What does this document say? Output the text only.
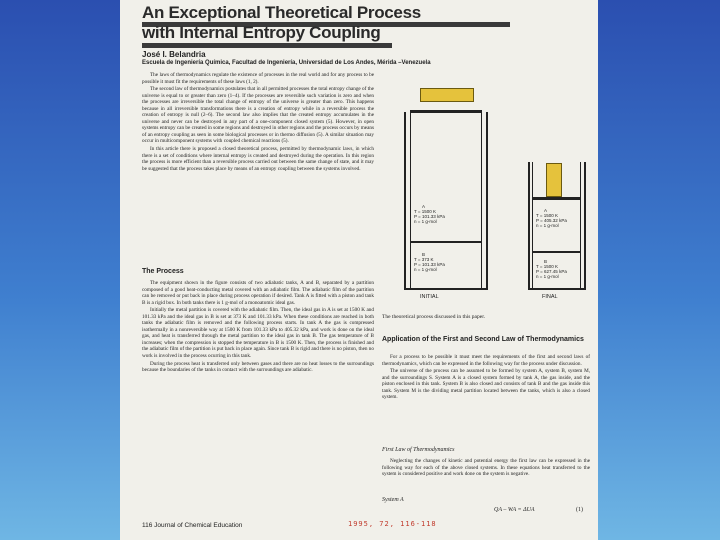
An Exceptional Theoretical Process
with Internal Entropy Coupling
José I. Belandria
Escuela de Ingeniería Química, Facultad de Ingeniería, Universidad de Los Andes, Mérida –Venezuela

The laws of thermodynamics regulate the existence of processes in the real world and for any process to be possible it must fit the requirements of these laws (1, 2).

The second law of thermodynamics postulates that in all permitted processes the total entropy change of the universe is equal to or greater than zero (1–4). If the processes are reversible such variation is zero and when the processes are irreversible the total change of entropy of the universe is greater than zero. This happens because in all irreversible transformations there is a creation of entropy while in a reversible process the creation of entropy is null (2–6). The second law also implies that the created entropy accumulates in the universe and never can be destroyed in any part of a one-component closed system (5). However, in open systems entropy can be created in some regions and destroyed in other regions and the process occurs by means of an entropy coupling as seen in some biological processes or in thermo diffusion (5). A similar situation may occur in multicomponent systems with coupled chemical reactions (5).

In this article there is proposed a closed theoretical process, permitted by thermodynamic laws, in which there is a set of conditions where internal entropy is created and destroyed during the operation. In this region the process is more efficient than a reversible process carried out between the same change of state, and it may be suggested that the process takes place by means of an entropy coupling between the systems involved.

The Process

The equipment shown in the figure consists of two adiabatic tanks, A and B, separated by a partition composed of a good heat-conducting metal covered with an adiabatic film. The adiabatic film of the partition can be removed or put back in place during process operation if desired. Tank A is fitted with a piston and tank B is a rigid box. In both tanks there is 1 g-mol of a monoatomic ideal gas.

Initially the metal partition is covered with the adiabatic film. Then, the ideal gas in A is set at 1500 K and 101.33 kPa and the ideal gas in B is set at 373 K and 101.33 kPa. When these conditions are reached in both tanks the adiabatic film is removed and the following process starts. In tank A the gas is compressed isothermally in a nonreversible way at 1500 K from 101.33 kPa to 405.32 kPa, and work is done on the ideal gas, and heat is transferred through the metal partition to the ideal gas in tank B. The gas temperature of B increases; when the compression is stopped the temperature in B is 1500 K. Then, the process is finished and the adiabatic film of the partition is put back in place again. Since tank B is rigid and there is no piston, then no work is involved in the process ocurring in this tank.

During the process heat is transferred only between gases and there are no heat losses to the surroundings because the boundaries of the tanks in contact with the surroundings are adiabatic.

A
T = 1500 K
P = 101.33 kPa
n = 1 g-mol
B
T = 373 K
P = 101.33 kPa
n = 1 g-mol
INITIAL
A
T = 1500 K
P = 405.32 kPa
n = 1 g-mol
B
T = 1500 K
P = 627.45 kPa
n = 1 g-mol
FINAL
The theoretical process discussed in this paper.
Application of the First and Second Law of Thermodynamics

For a process to be possible it must meet the requirements of the first and second laws of thermodynamics, which can be expressed in the following way for the process under discussion.

The universe of the process can be assumed to be formed by system A, system B, system M, and the surroundings S. System A is a closed system formed by tank A, the gas inside, and the piston enclosed in this tank. System B is also closed and consists of tank B and the gas inside this tank. System M is the dividing metal partition located between the tanks, which is also a closed system.

First Law of Thermodynamics

Neglecting the changes of kinetic and potential energy the first law can be expressed in the following way for each of the above closed systems. In these equations heat transferred to the system is considered positive and work done on the system is negative.

System A
QA – WA = ΔUA	(1)
116 Journal of Chemical Education	1995, 72, 116-118
